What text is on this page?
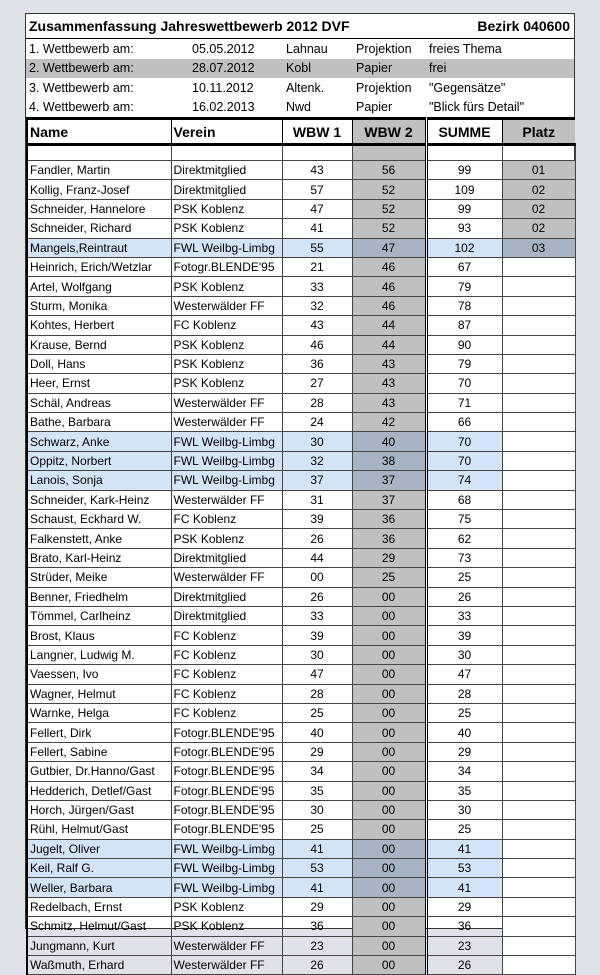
Zusammenfassung Jahreswettbewerb 2012 DVF	Bezirk 040600
1. Wettbewerb am:	05.05.2012	Lahnau	Projektion	freies Thema
2. Wettbewerb am:	28.07.2012	Kobl	Papier	frei
3. Wettbewerb am:	10.11.2012	Altenk.	Projektion	"Gegensätze"
4. Wettbewerb am:	16.02.2013	Nwd	Papier	"Blick fürs Detail"
Name	Verein	WBW 1	WBW 2	SUMME	Platz

Fandler, Martin	Direktmitglied	43	56	99	01
Kollig, Franz-Josef	Direktmitglied	57	52	109	02
Schneider, Hannelore	PSK Koblenz	47	52	99	02
Schneider, Richard	PSK Koblenz	41	52	93	02
Mangels,Reintraut	FWL Weilbg-Limbg	55	47	102	03
Heinrich, Erich/Wetzlar	Fotogr.BLENDE'95	21	46	67	
Artel, Wolfgang	PSK Koblenz	33	46	79	
Sturm, Monika	Westerwälder FF	32	46	78	
Kohtes, Herbert	FC Koblenz	43	44	87	
Krause, Bernd	PSK Koblenz	46	44	90	
Doll, Hans	PSK Koblenz	36	43	79	
Heer, Ernst	PSK Koblenz	27	43	70	
Schäl, Andreas	Westerwälder FF	28	43	71	
Bathe, Barbara	Westerwälder FF	24	42	66	
Schwarz, Anke	FWL Weilbg-Limbg	30	40	70	
Oppitz, Norbert	FWL Weilbg-Limbg	32	38	70	
Lanois, Sonja	FWL Weilbg-Limbg	37	37	74	
Schneider, Kark-Heinz	Westerwälder FF	31	37	68	
Schaust, Eckhard W.	FC Koblenz	39	36	75	
Falkenstett, Anke	PSK Koblenz	26	36	62	
Brato, Karl-Heinz	Direktmitglied	44	29	73	
Strüder, Meike	Westerwälder FF	00	25	25	
Benner, Friedhelm	Direktmitglied	26	00	26	
Tömmel, Carlheinz	Direktmitglied	33	00	33	
Brost, Klaus	FC Koblenz	39	00	39	
Langner, Ludwig M.	FC Koblenz	30	00	30	
Vaessen, Ivo	FC Koblenz	47	00	47	
Wagner, Helmut	FC Koblenz	28	00	28	
Warnke, Helga	FC Koblenz	25	00	25	
Fellert, Dirk	Fotogr.BLENDE'95	40	00	40	
Fellert, Sabine	Fotogr.BLENDE'95	29	00	29	
Gutbier, Dr.Hanno/Gast	Fotogr.BLENDE'95	34	00	34	
Hedderich, Detlef/Gast	Fotogr.BLENDE'95	35	00	35	
Horch, Jürgen/Gast	Fotogr.BLENDE'95	30	00	30	
Rühl, Helmut/Gast	Fotogr.BLENDE'95	25	00	25	
Jugelt, Oliver	FWL Weilbg-Limbg	41	00	41	
Keil, Ralf G.	FWL Weilbg-Limbg	53	00	53	
Weller, Barbara	FWL Weilbg-Limbg	41	00	41	
Redelbach, Ernst	PSK Koblenz	29	00	29	
Schmitz, Helmut/Gast	PSK Koblenz	36	00	36	
Jungmann, Kurt	Westerwälder FF	23	00	23	
Waßmuth, Erhard	Westerwälder FF	26	00	26	
